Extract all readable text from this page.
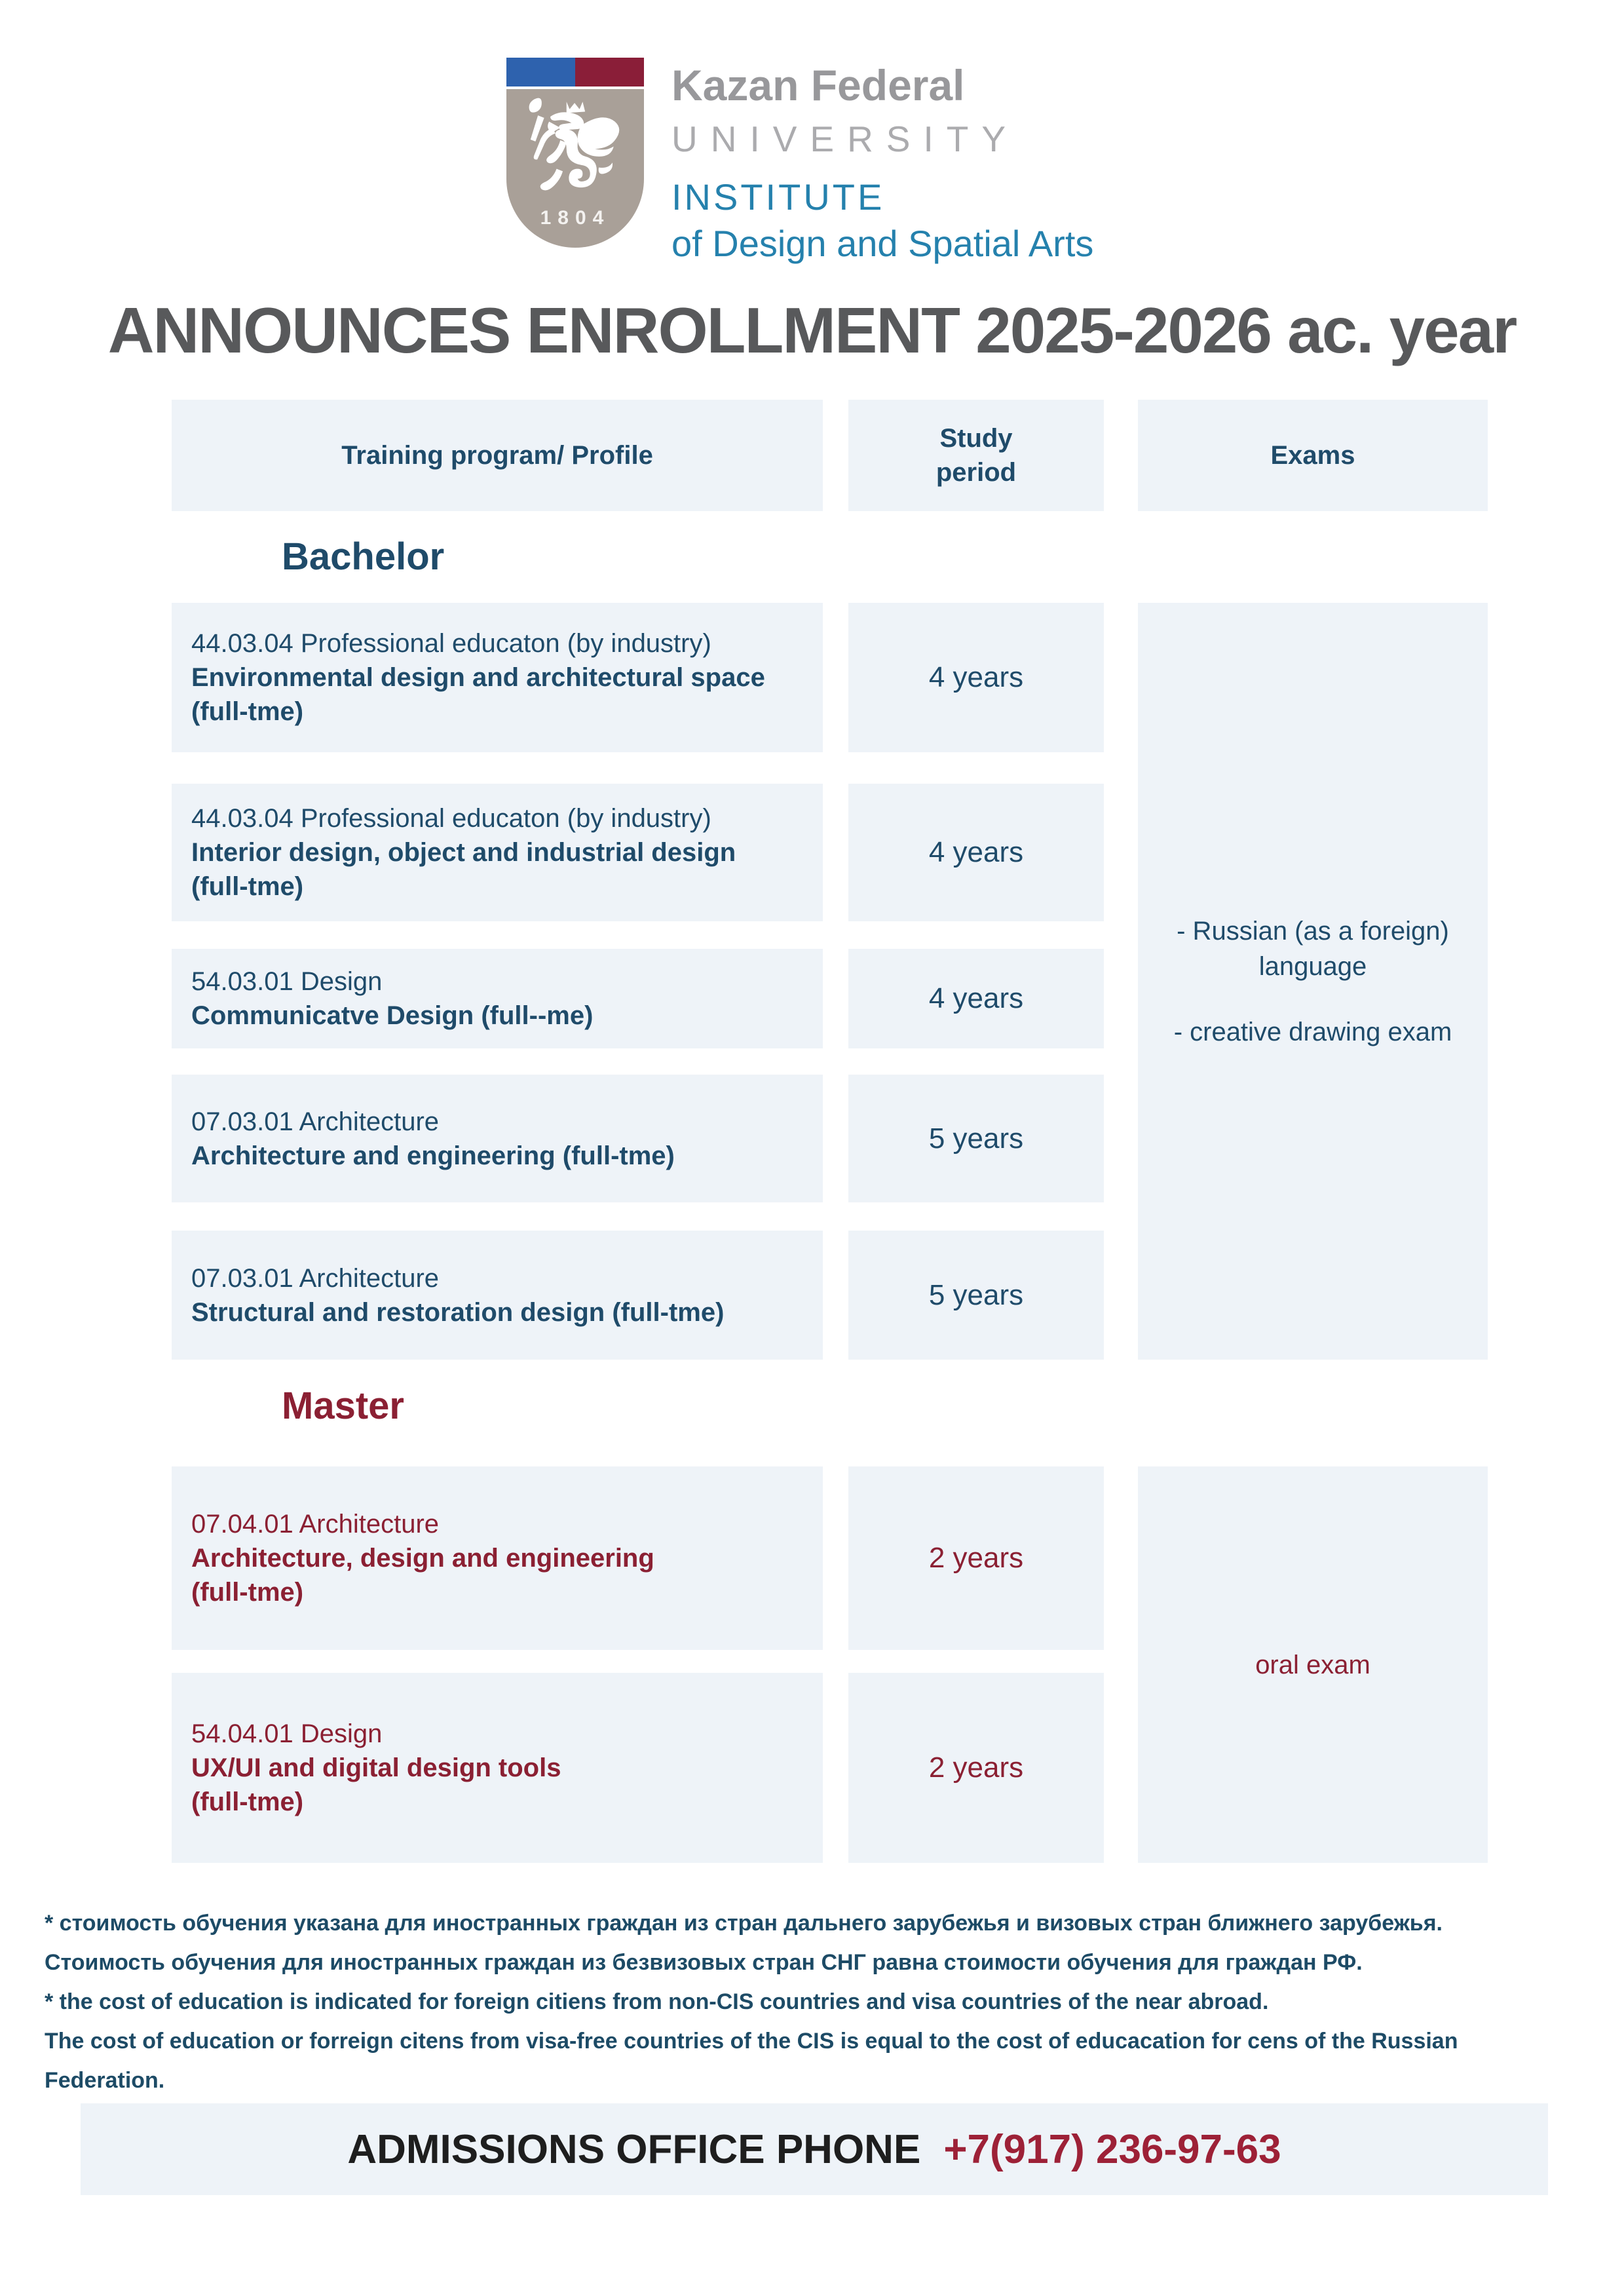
1804
Kazan Federal
UNIVERSITY
INSTITUTE
of Design and Spatial Arts
ANNOUNCES ENROLLMENT 2025-2026 ac. year
Training program/ Profile
Study period
Exams
Bachelor
44.03.04 Professional educaton (by industry)
Environmental design and architectural space
(full-tme)
4 years
44.03.04 Professional educaton (by industry)
Interior design, object and industrial design
(full-tme)
4 years
54.03.01 Design
Communicatve Design (full--me)
4 years
07.03.01 Architecture
Architecture and engineering (full-tme)
5 years
07.03.01 Architecture
Structural and restoration design (full-tme)
5 years
- Russian (as a foreign) language
- creative drawing exam
Master
07.04.01 Architecture
Architecture, design and engineering
(full-tme)
2 years
54.04.01 Design
UX/UI and digital design tools
(full-tme)
2 years
oral exam
* стоимость обучения указана для иностранных граждан из стран дальнего зарубежья и визовых стран ближнего зарубежья.
Стоимость обучения для иностранных граждан из безвизовых стран СНГ равна стоимости обучения для граждан РФ.
* the cost of education is indicated for foreign citiens from non-CIS countries and visa countries of the near abroad.
The cost of education or forreign citens from visa-free countries of the CIS is equal to the cost of educacation for cens of the Russian
Federation.
ADMISSIONS OFFICE PHONE +7(917) 236-97-63
